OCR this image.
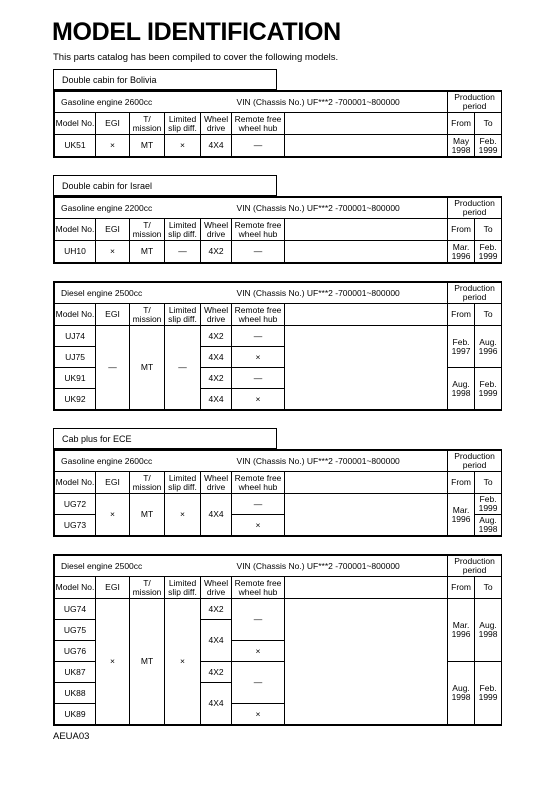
MODEL IDENTIFICATION
This parts catalog has been compiled to cover the following models.
Double cabin for Bolivia
Gasoline engine 2600cc				VIN (Chassis No.) UF***2 -700001~800000			Production period	
Model No.	EGI	T/ mission	Limited slip diff.	Wheel drive	Remote free wheel hub		From	To
UK51	×	MT	×	4X4	—		May 1998	Feb. 1999
Double cabin for Israel
Gasoline engine 2200cc				VIN (Chassis No.) UF***2 -700001~800000			Production period	
Model No.	EGI	T/ mission	Limited slip diff.	Wheel drive	Remote free wheel hub		From	To
UH10	×	MT	—	4X2	—		Mar. 1996	Feb. 1999
Diesel engine 2500cc				VIN (Chassis No.) UF***2 -700001~800000			Production period	
Model No.	EGI	T/ mission	Limited slip diff.	Wheel drive	Remote free wheel hub		From	To
UJ74	—	MT	—	4X2	—		Feb. 1997	Aug. 1996
UJ75				4X4	×			
UK91				4X2	—		Aug. 1998	Feb. 1999
UK92				4X4	×			
Cab plus for ECE
Gasoline engine 2600cc				VIN (Chassis No.) UF***2 -700001~800000			Production period	
Model No.	EGI	T/ mission	Limited slip diff.	Wheel drive	Remote free wheel hub		From	To
UG72	×	MT	×	4X4	—		Mar. 1996	Feb. 1999
UG73					×			Aug. 1998
Diesel engine 2500cc				VIN (Chassis No.) UF***2 -700001~800000			Production period	
Model No.	EGI	T/ mission	Limited slip diff.	Wheel drive	Remote free wheel hub		From	To
UG74	×	MT	×	4X2	—		Mar. 1996	Aug. 1998
UG75				4X4				
UG76					×			
UK87				4X2	—		Aug. 1998	Feb. 1999
UK88				4X4				
UK89					×			
AEUA03
